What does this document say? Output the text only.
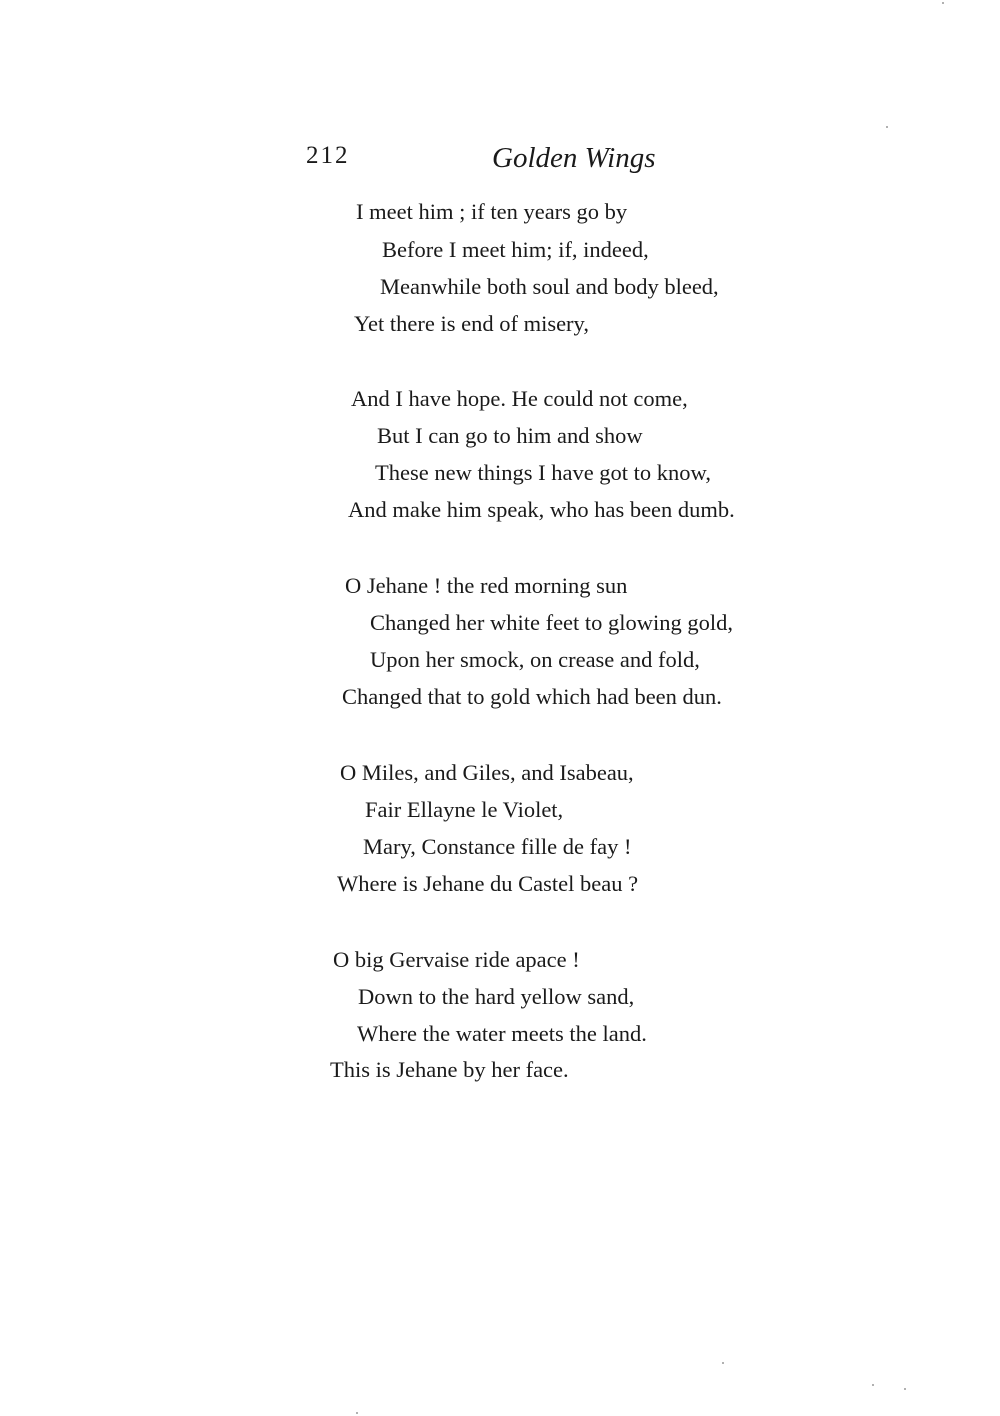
212	Golden Wings
I meet him ; if ten years go by
Before I meet him; if, indeed,
Meanwhile both soul and body bleed,
Yet there is end of misery,
And I have hope. He could not come,
But I can go to him and show
These new things I have got to know,
And make him speak, who has been dumb.
O Jehane ! the red morning sun
Changed her white feet to glowing gold,
Upon her smock, on crease and fold,
Changed that to gold which had been dun.
O Miles, and Giles, and Isabeau,
Fair Ellayne le Violet,
Mary, Constance fille de fay !
Where is Jehane du Castel beau ?
O big Gervaise ride apace !
Down to the hard yellow sand,
Where the water meets the land.
This is Jehane by her face.
